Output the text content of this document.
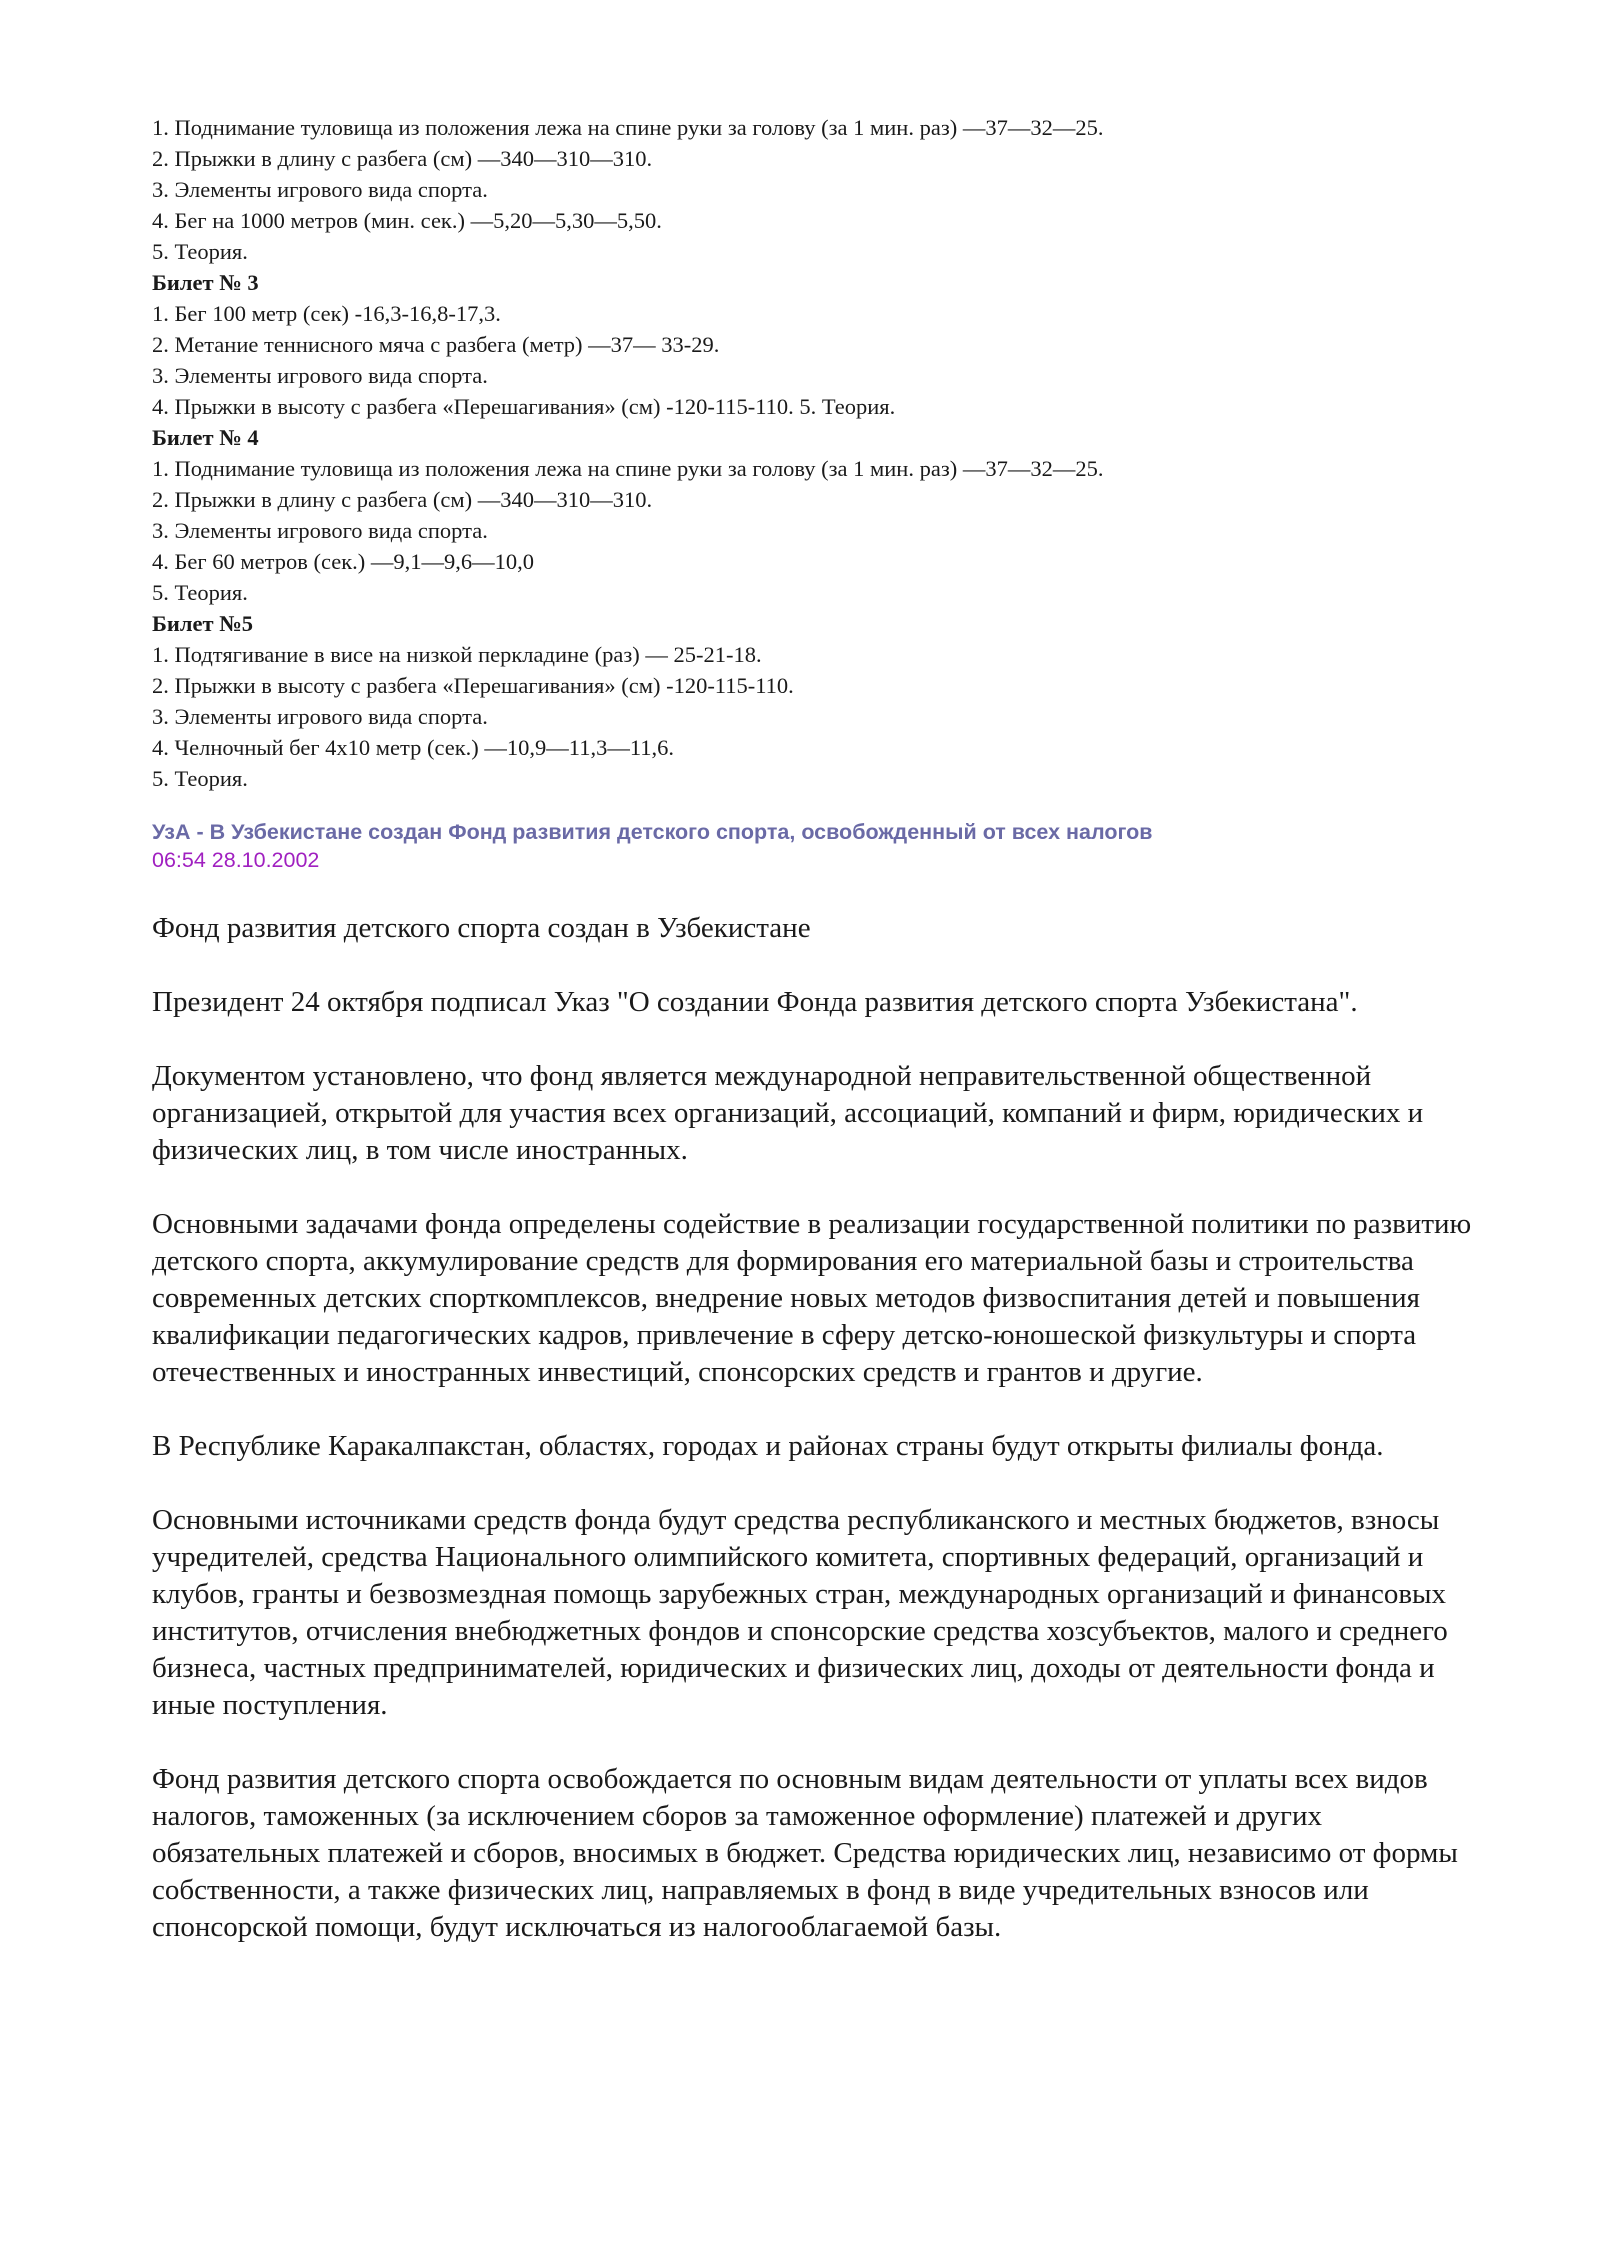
1. Поднимание туловища из положения лежа на спине руки за голову (за 1 мин. раз) —37—32—25.
2. Прыжки в длину с разбега (см) —340—310—310.
3. Элементы игрового вида спорта.
4. Бег на 1000 метров (мин. сек.) —5,20—5,30—5,50.
5. Теория.
Билет № 3
1. Бег 100 метр (сек) -16,3-16,8-17,3.
2. Метание теннисного мяча с разбега (метр) —37— 33-29.
3. Элементы игрового вида спорта.
4. Прыжки в высоту с разбега «Перешагивания» (см) -120-115-110. 5. Теория.
Билет № 4
1. Поднимание туловища из положения лежа на спине руки за голову (за 1 мин. раз) —37—32—25.
2. Прыжки в длину с разбега (см) —340—310—310.
3. Элементы игрового вида спорта.
4. Бег 60 метров (сек.) —9,1—9,6—10,0
5. Теория.
Билет №5
1. Подтягивание в висе на низкой перкладине (раз) — 25-21-18.
2. Прыжки в высоту с разбега «Перешагивания» (см) -120-115-110.
3. Элементы игрового вида спорта.
4. Челночный бег 4х10 метр (сек.) —10,9—11,3—11,6.
5. Теория.
УзА - В Узбекистане создан Фонд развития детского спорта, освобожденный от всех налогов
06:54 28.10.2002

Фонд развития детского спорта создан в Узбекистане

Президент 24 октября подписал Указ "О создании Фонда развития детского спорта Узбекистана".

Документом установлено, что фонд является международной неправительственной общественной организацией, открытой для участия всех организаций, ассоциаций, компаний и фирм, юридических и физических лиц, в том числе иностранных.

Основными задачами фонда определены содействие в реализации государственной политики по развитию детского спорта, аккумулирование средств для формирования его материальной базы и строительства современных детских спорткомплексов, внедрение новых методов физвоспитания детей и повышения квалификации педагогических кадров, привлечение в сферу детско-юношеской физкультуры и спорта отечественных и иностранных инвестиций, спонсорских средств и грантов и другие.

В Республике Каракалпакстан, областях, городах и районах страны будут открыты филиалы фонда.

Основными источниками средств фонда будут средства республиканского и местных бюджетов, взносы учредителей, средства Национального олимпийского комитета, спортивных федераций, организаций и клубов, гранты и безвозмездная помощь зарубежных стран, международных организаций и финансовых институтов, отчисления внебюджетных фондов и спонсорские средства хозсубъектов, малого и среднего бизнеса, частных предпринимателей, юридических и физических лиц, доходы от деятельности фонда и иные поступления.

Фонд развития детского спорта освобождается по основным видам деятельности от уплаты всех видов налогов, таможенных (за исключением сборов за таможенное оформление) платежей и других обязательных платежей и сборов, вносимых в бюджет. Средства юридических лиц, независимо от формы собственности, а также физических лиц, направляемых в фонд в виде учредительных взносов или спонсорской помощи, будут исключаться из налогооблагаемой базы.
